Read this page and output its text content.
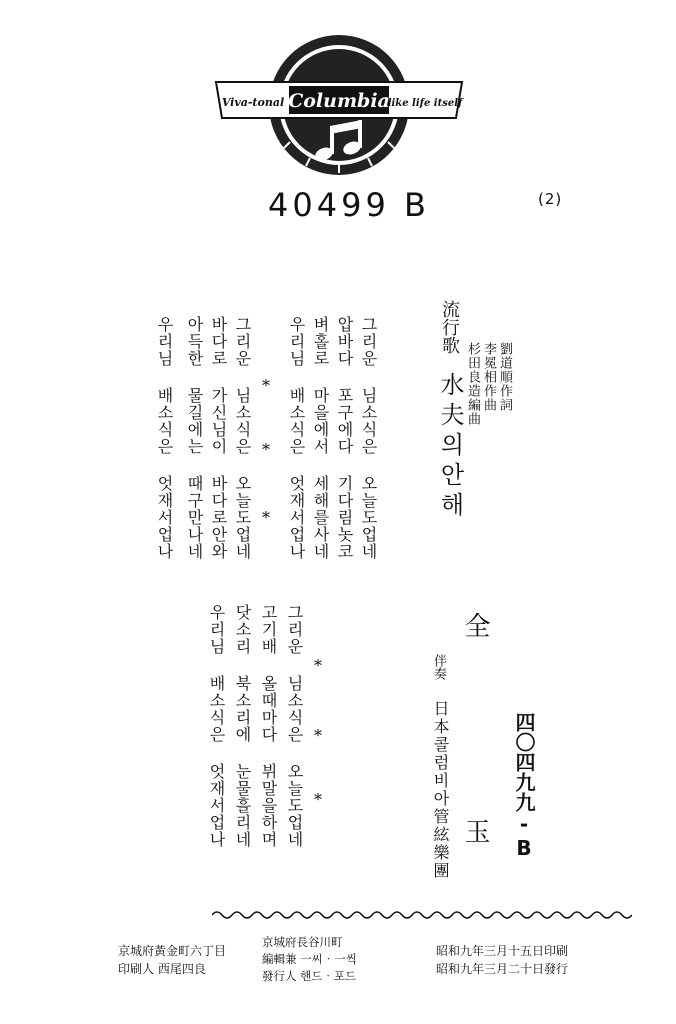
Columbia
Viva-tonal	like life itself
40499 B	(2)
流行歌
水夫의안해	劉道順作詞
李冕相作曲
杉田良造編曲
그리운 님소식은 오늘도업네
압바다 포구에다 기다림놋코
벼홀로 마을에서 세해를사네
우리님 배소식은 엇재서업나
*
*
*
그리운 님소식은 오늘도업네
바다로 가신님이 바다로안와
아득한 물길에는 때구만나네
우리님 배소식은 엇재서업나
그리운 님소식은 오늘도업네 *
*
*
고기배 올때마다 뷔말을하며
닷소리 북소리에 눈물흘리네
우리님 배소식은 엇재서업나	全玉
伴奏
日本콜럼비아管絃樂團	四〇四九九-B
京城府黃金町六丁目
印刷人 西尾四良
京城府長谷川町
編輯兼 一씨‧一씩
發行人 핸드‧포드
昭和九年三月十五日印刷
昭和九年三月二十日發行
